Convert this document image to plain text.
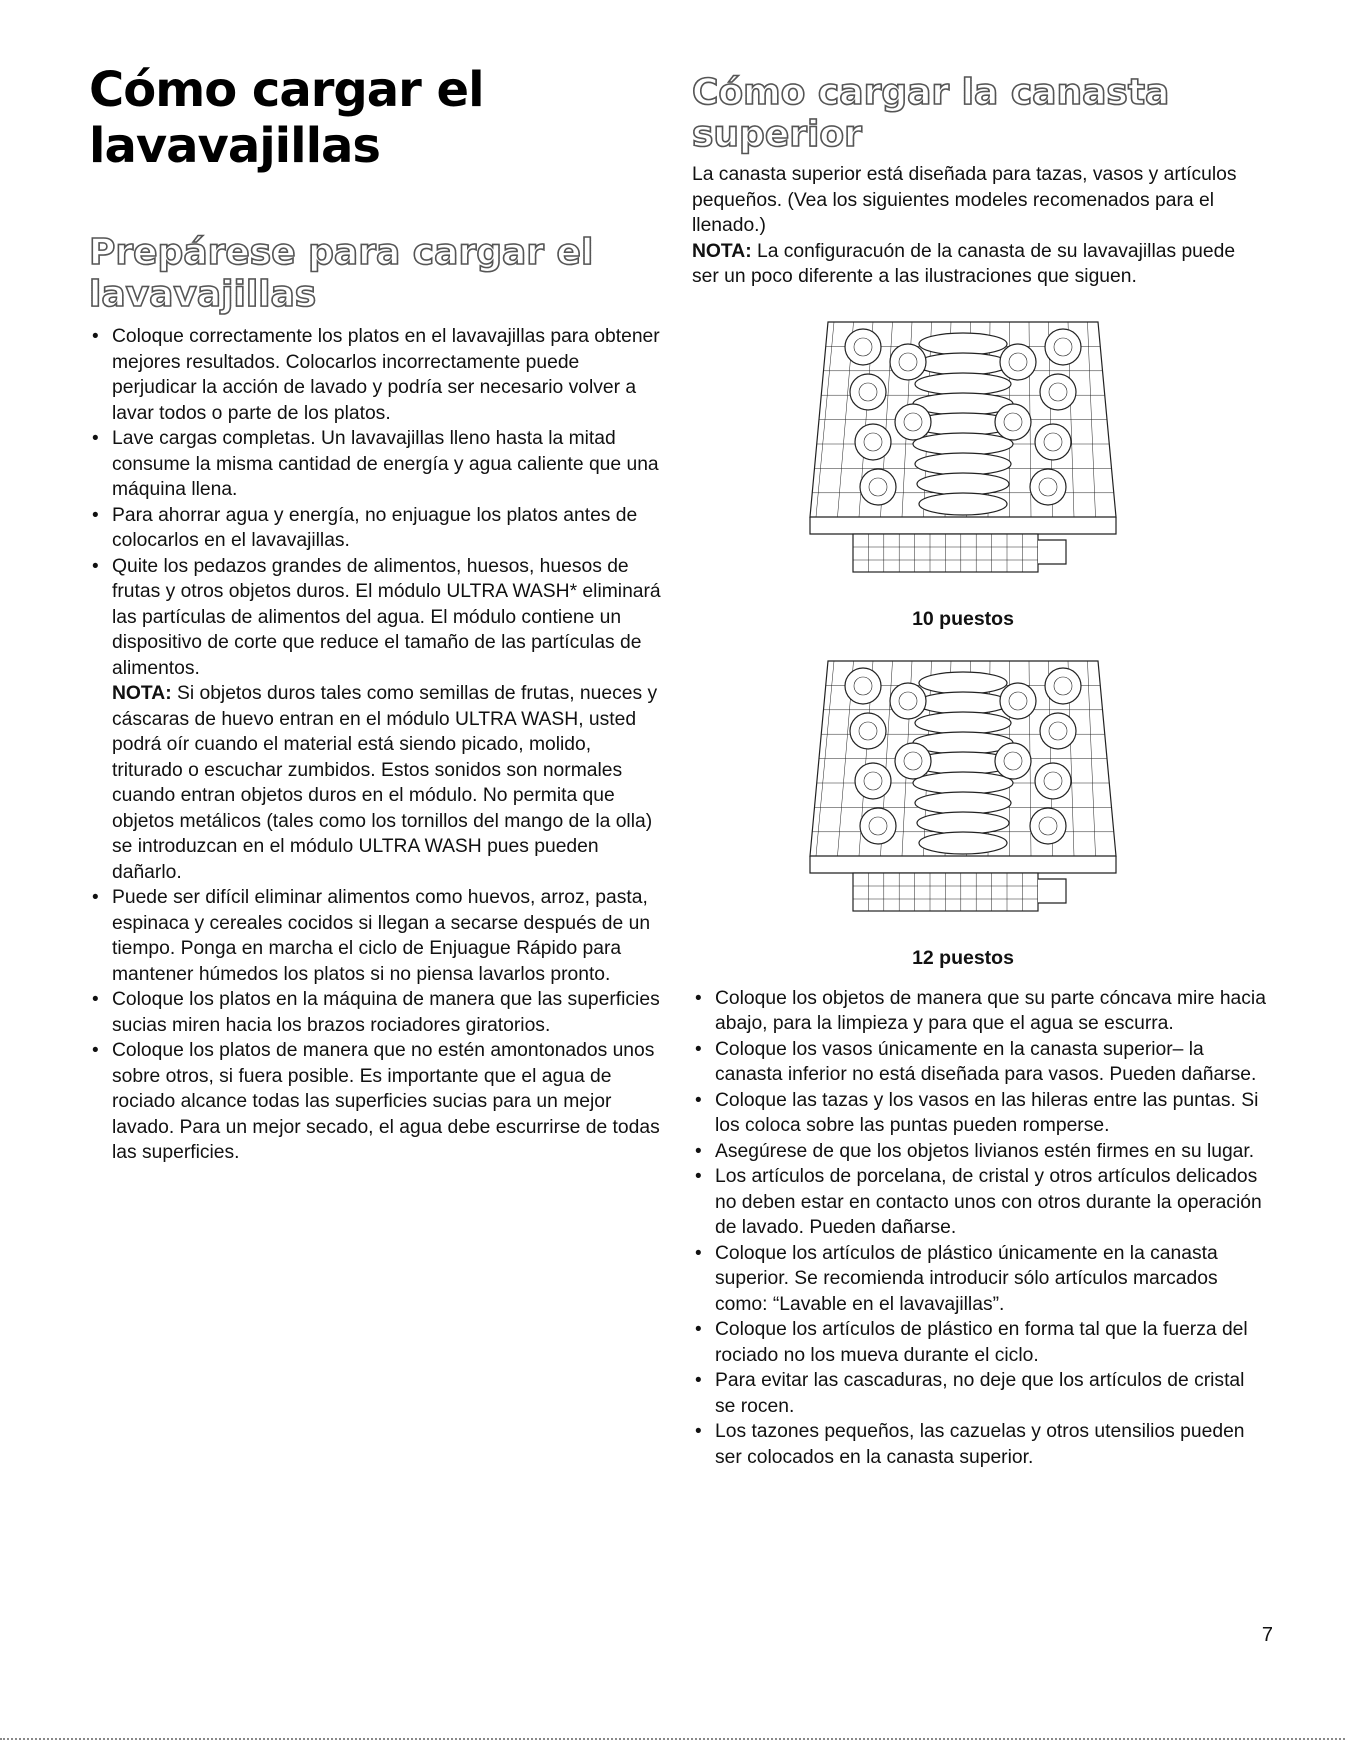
Cómo cargar el lavavajillas
Prepárese para cargar el lavavajillas
• Coloque correctamente los platos en el lavavajillas para obtener mejores resultados. Colocarlos incorrectamente puede perjudicar la acción de lavado y podría ser necesario volver a lavar todos o parte de los platos.
• Lave cargas completas. Un lavavajillas lleno hasta la mitad consume la misma cantidad de energía y agua caliente que una máquina llena.
• Para ahorrar agua y energía, no enjuague los platos antes de colocarlos en el lavavajillas.
• Quite los pedazos grandes de alimentos, huesos, huesos de frutas y otros objetos duros. El módulo ULTRA WASH* eliminará las partículas de alimentos del agua. El módulo contiene un dispositivo de corte que reduce el tamaño de las partículas de alimentos.
NOTA: Si objetos duros tales como semillas de frutas, nueces y cáscaras de huevo entran en el módulo ULTRA WASH, usted podrá oír cuando el material está siendo picado, molido, triturado o escuchar zumbidos. Estos sonidos son normales cuando entran objetos duros en el módulo. No permita que objetos metálicos (tales como los tornillos del mango de la olla) se introduzcan en el módulo ULTRA WASH pues pueden dañarlo.
• Puede ser difícil eliminar alimentos como huevos, arroz, pasta, espinaca y cereales cocidos si llegan a secarse después de un tiempo. Ponga en marcha el ciclo de Enjuague Rápido para mantener húmedos los platos si no piensa lavarlos pronto.
• Coloque los platos en la máquina de manera que las superficies sucias miren hacia los brazos rociadores giratorios.
• Coloque los platos de manera que no estén amontonados unos sobre otros, si fuera posible. Es importante que el agua de rociado alcance todas las superficies sucias para un mejor lavado. Para un mejor secado, el agua debe escurrirse de todas las superficies.
Cómo cargar la canasta superior

La canasta superior está diseñada para tazas, vasos y artículos pequeños. (Vea los siguientes modeles recomenados para el llenado.)

NOTA: La configuracuón de la canasta de su lavavajillas puede ser un poco diferente a las ilustraciones que siguen.

10 puestos
12 puestos
• Coloque los objetos de manera que su parte cóncava mire hacia abajo, para la limpieza y para que el agua se escurra.
• Coloque los vasos únicamente en la canasta superior– la canasta inferior no está diseñada para vasos. Pueden dañarse.
• Coloque las tazas y los vasos en las hileras entre las puntas. Si los coloca sobre las puntas pueden romperse.
• Asegúrese de que los objetos livianos estén firmes en su lugar.
• Los artículos de porcelana, de cristal y otros artículos delicados no deben estar en contacto unos con otros durante la operación de lavado. Pueden dañarse.
• Coloque los artículos de plástico únicamente en la canasta superior. Se recomienda introducir sólo artículos marcados como: “Lavable en el lavavajillas”.
• Coloque los artículos de plástico en forma tal que la fuerza del rociado no los mueva durante el ciclo.
• Para evitar las cascaduras, no deje que los artículos de cristal se rocen.
• Los tazones pequeños, las cazuelas y otros utensilios pueden ser colocados en la canasta superior.
7
